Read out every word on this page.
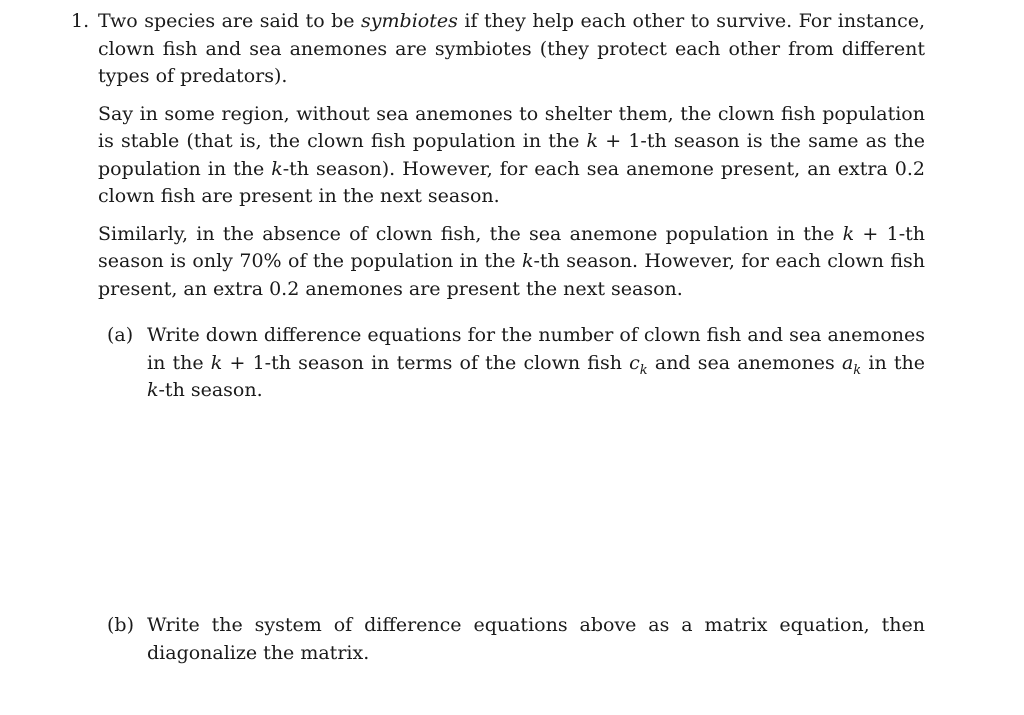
1. Two species are said to be symbiotes if they help each other to survive. For instance, clown fish and sea anemones are symbiotes (they protect each other from different types of predators).

Say in some region, without sea anemones to shelter them, the clown fish population is stable (that is, the clown fish population in the k + 1-th season is the same as the population in the k-th season). However, for each sea anemone present, an extra 0.2 clown fish are present in the next season.

Similarly, in the absence of clown fish, the sea anemone population in the k + 1-th season is only 70% of the population in the k-th season. However, for each clown fish present, an extra 0.2 anemones are present the next season.

(a) Write down difference equations for the number of clown fish and sea anemones in the k + 1-th season in terms of the clown fish $c_k$ and sea anemones $a_k$ in the k-th season.

(b) Write the system of difference equations above as a matrix equation, then diagonalize the matrix.
